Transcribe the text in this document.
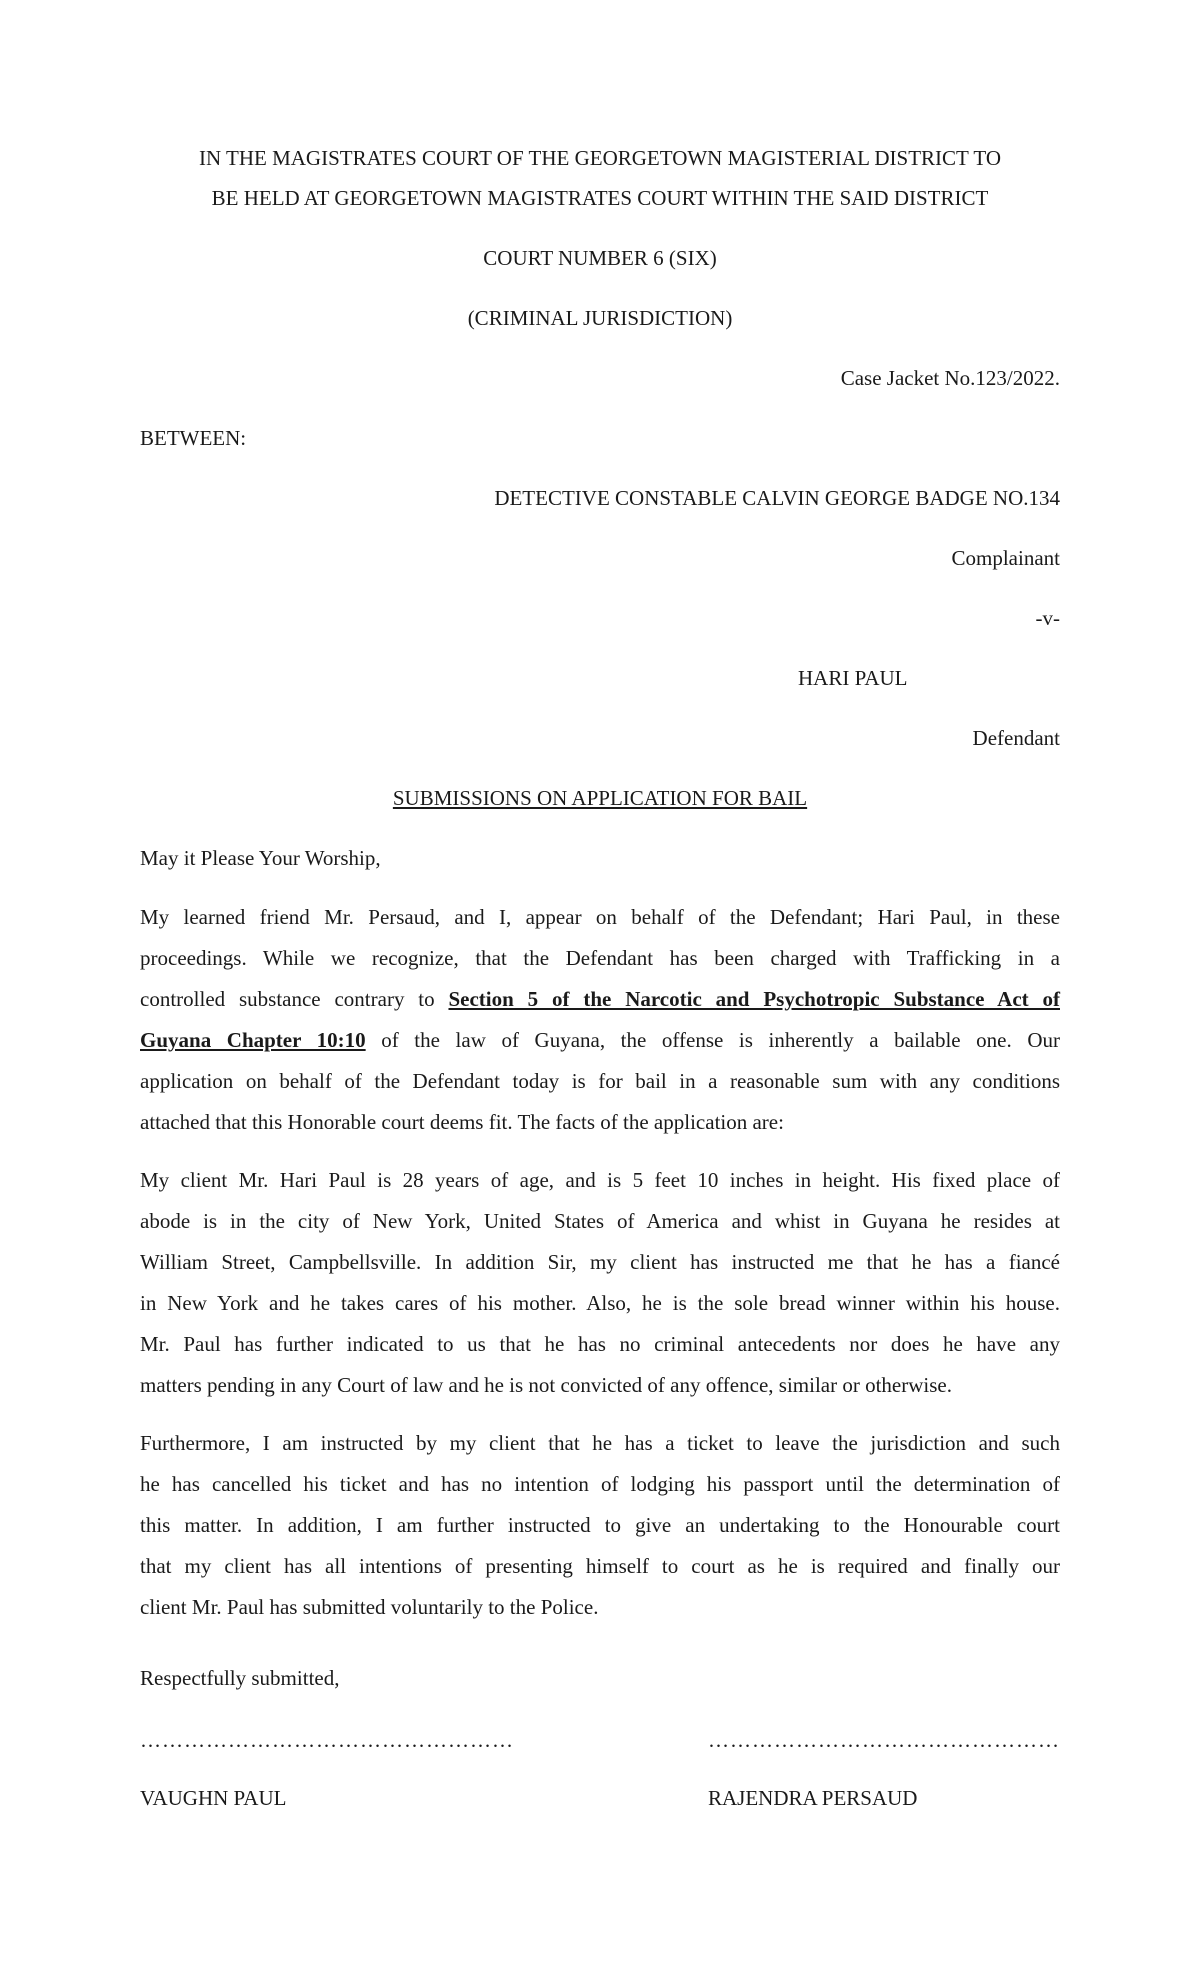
IN THE MAGISTRATES COURT OF THE GEORGETOWN MAGISTERIAL DISTRICT TO
BE HELD AT GEORGETOWN MAGISTRATES COURT WITHIN THE SAID DISTRICT
COURT NUMBER 6 (SIX)
(CRIMINAL JURISDICTION)
Case Jacket No.123/2022.
BETWEEN:
DETECTIVE CONSTABLE CALVIN GEORGE BADGE NO.134
Complainant
-v-
HARI PAUL
Defendant
SUBMISSIONS ON APPLICATION FOR BAIL
May it Please Your Worship,
My learned friend Mr. Persaud, and I, appear on behalf of the Defendant; Hari Paul, in these
proceedings. While we recognize, that the Defendant has been charged with Trafficking in a
controlled substance contrary to Section 5 of the Narcotic and Psychotropic Substance Act of
Guyana Chapter 10:10 of the law of Guyana, the offense is inherently a bailable one. Our
application on behalf of the Defendant today is for bail in a reasonable sum with any conditions
attached that this Honorable court deems fit. The facts of the application are:
My client Mr. Hari Paul is 28 years of age, and is 5 feet 10 inches in height. His fixed place of
abode is in the city of New York, United States of America and whist in Guyana he resides at
William Street, Campbellsville. In addition Sir, my client has instructed me that he has a fiancé
in New York and he takes cares of his mother. Also, he is the sole bread winner within his house.
Mr. Paul has further indicated to us that he has no criminal antecedents nor does he have any
matters pending in any Court of law and he is not convicted of any offence, similar or otherwise.
Furthermore, I am instructed by my client that he has a ticket to leave the jurisdiction and such
he has cancelled his ticket and has no intention of lodging his passport until the determination of
this matter. In addition, I am further instructed to give an undertaking to the Honourable court
that my client has all intentions of presenting himself to court as he is required and finally our
client Mr. Paul has submitted voluntarily to the Police.
Respectfully submitted,
……………………………………………	…………………………………………
VAUGHN PAUL	RAJENDRA PERSAUD
